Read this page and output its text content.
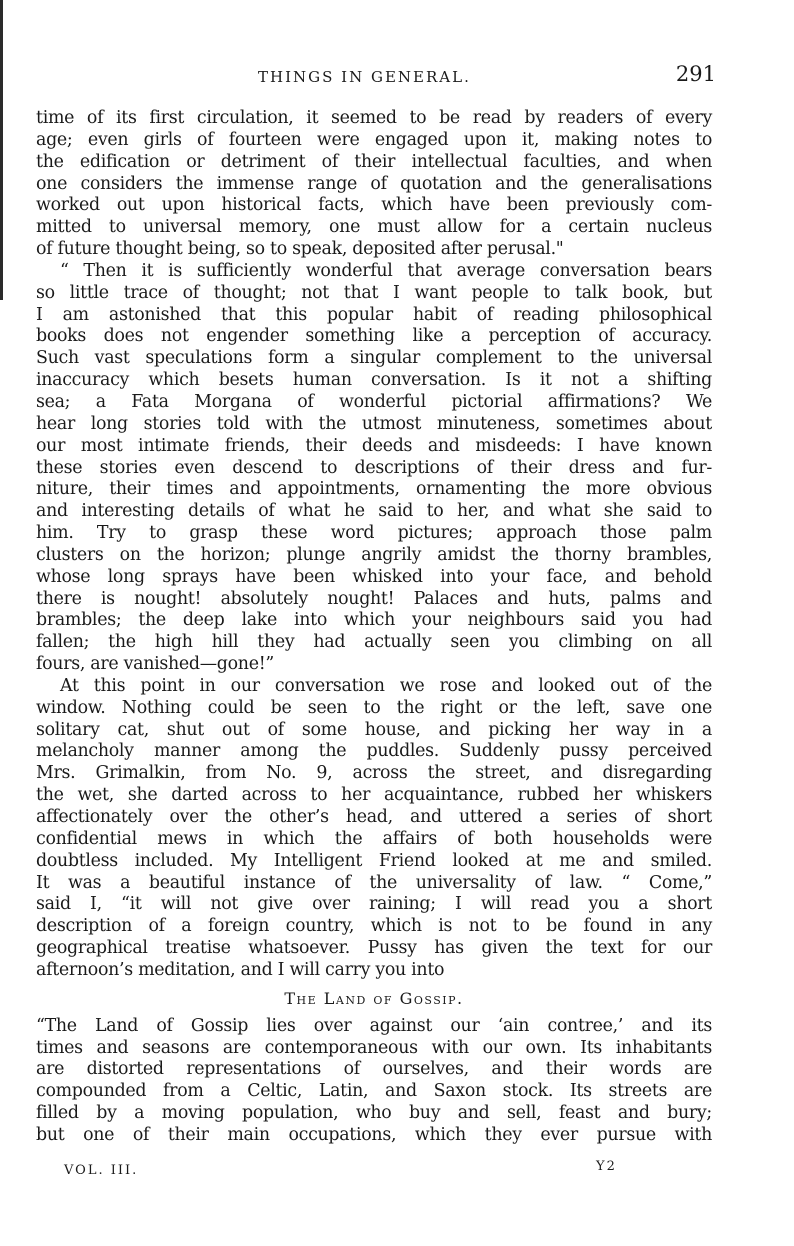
THINGS IN GENERAL.	291
time of its first circulation, it seemed to be read by readers of every
age; even girls of fourteen were engaged upon it, making notes to
the edification or detriment of their intellectual faculties, and when
one considers the immense range of quotation and the generalisations
worked out upon historical facts, which have been previously com-
mitted to universal memory, one must allow for a certain nucleus
of future thought being, so to speak, deposited after perusal."
“ Then it is sufficiently wonderful that average conversation bears
so little trace of thought; not that I want people to talk book, but
I am astonished that this popular habit of reading philosophical
books does not engender something like a perception of accuracy.
Such vast speculations form a singular complement to the universal
inaccuracy which besets human conversation. Is it not a shifting
sea; a Fata Morgana of wonderful pictorial affirmations? We
hear long stories told with the utmost minuteness, sometimes about
our most intimate friends, their deeds and misdeeds: I have known
these stories even descend to descriptions of their dress and fur-
niture, their times and appointments, ornamenting the more obvious
and interesting details of what he said to her, and what she said to
him. Try to grasp these word pictures; approach those palm
clusters on the horizon; plunge angrily amidst the thorny brambles,
whose long sprays have been whisked into your face, and behold
there is nought! absolutely nought! Palaces and huts, palms and
brambles; the deep lake into which your neighbours said you had
fallen; the high hill they had actually seen you climbing on all
fours, are vanished—gone!”
At this point in our conversation we rose and looked out of the
window. Nothing could be seen to the right or the left, save one
solitary cat, shut out of some house, and picking her way in a
melancholy manner among the puddles. Suddenly pussy perceived
Mrs. Grimalkin, from No. 9, across the street, and disregarding
the wet, she darted across to her acquaintance, rubbed her whiskers
affectionately over the other’s head, and uttered a series of short
confidential mews in which the affairs of both households were
doubtless included. My Intelligent Friend looked at me and smiled.
It was a beautiful instance of the universality of law. “ Come,”
said I, “it will not give over raining; I will read you a short
description of a foreign country, which is not to be found in any
geographical treatise whatsoever. Pussy has given the text for our
afternoon’s meditation, and I will carry you into
The Land of Gossip.
“The Land of Gossip lies over against our ‘ain contree,’ and its
times and seasons are contemporaneous with our own. Its inhabitants
are distorted representations of ourselves, and their words are
compounded from a Celtic, Latin, and Saxon stock. Its streets are
filled by a moving population, who buy and sell, feast and bury;
but one of their main occupations, which they ever pursue with
VOL. III.	Y2
